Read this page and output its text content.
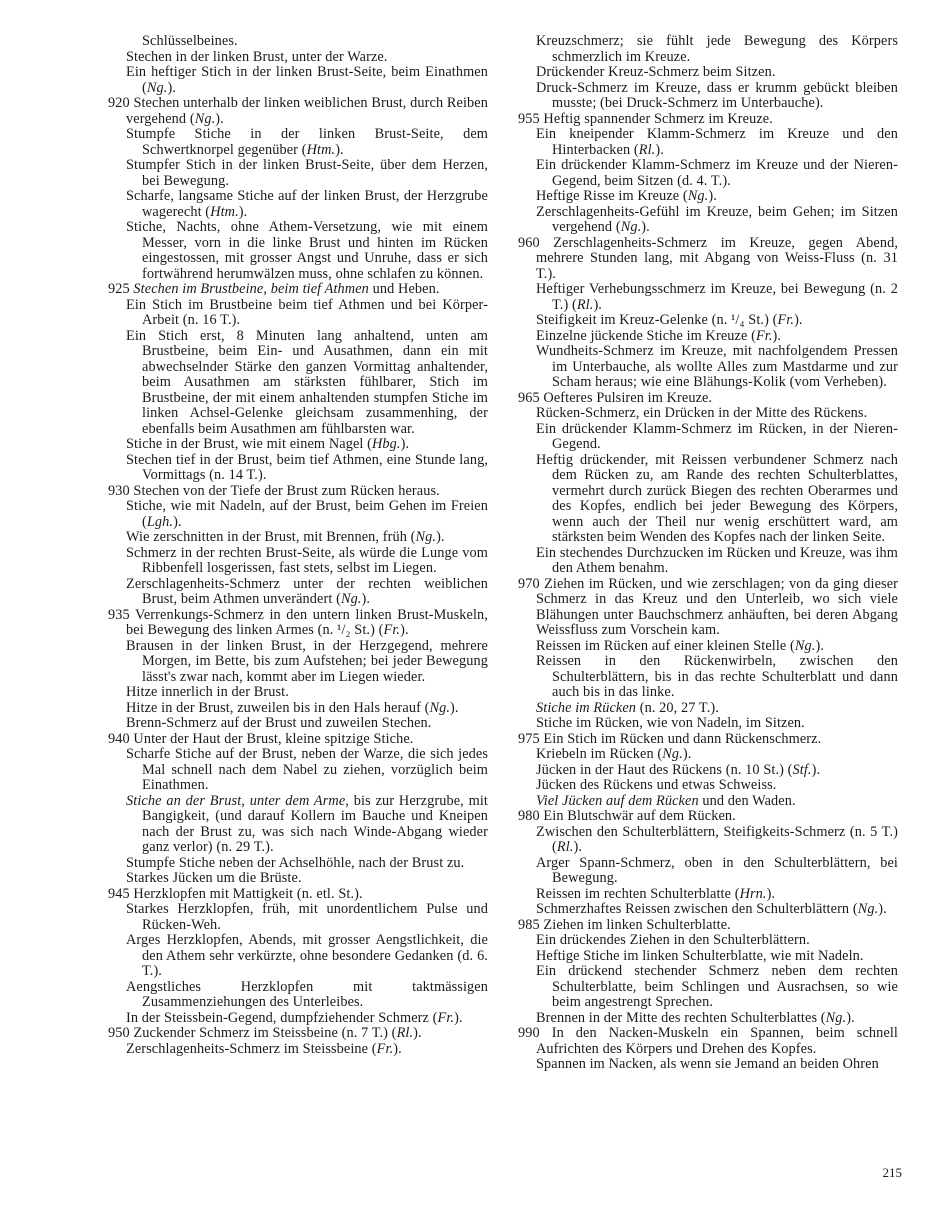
Schlüsselbeines.

Stechen in der linken Brust, unter der Warze.

Ein heftiger Stich in der linken Brust-Seite, beim Einathmen (Ng.).

920 Stechen unterhalb der linken weiblichen Brust, durch Reiben vergehend (Ng.).

Stumpfe Stiche in der linken Brust-Seite, dem Schwertknorpel gegenüber (Htm.).

Stumpfer Stich in der linken Brust-Seite, über dem Herzen, bei Bewegung.

Scharfe, langsame Stiche auf der linken Brust, der Herzgrube wagerecht (Htm.).

Stiche, Nachts, ohne Athem-Versetzung, wie mit einem Messer, vorn in die linke Brust und hinten im Rücken eingestossen, mit grosser Angst und Unruhe, dass er sich fortwährend herumwälzen muss, ohne schlafen zu können.

925 Stechen im Brustbeine, beim tief Athmen und Heben.

Ein Stich im Brustbeine beim tief Athmen und bei Körper-Arbeit (n. 16 T.).

Ein Stich erst, 8 Minuten lang anhaltend, unten am Brustbeine, beim Ein- und Ausathmen, dann ein mit abwechselnder Stärke den ganzen Vormittag anhaltender, beim Ausathmen am stärksten fühlbarer, Stich im Brustbeine, der mit einem anhaltenden stumpfen Stiche im linken Achsel-Gelenke gleichsam zusammenhing, der ebenfalls beim Ausathmen am fühlbarsten war.

Stiche in der Brust, wie mit einem Nagel (Hbg.).

Stechen tief in der Brust, beim tief Athmen, eine Stunde lang, Vormittags (n. 14 T.).

930 Stechen von der Tiefe der Brust zum Rücken heraus.

Stiche, wie mit Nadeln, auf der Brust, beim Gehen im Freien (Lgh.).

Wie zerschnitten in der Brust, mit Brennen, früh (Ng.).

Schmerz in der rechten Brust-Seite, als würde die Lunge vom Ribbenfell losgerissen, fast stets, selbst im Liegen.

Zerschlagenheits-Schmerz unter der rechten weiblichen Brust, beim Athmen unverändert (Ng.).

935 Verrenkungs-Schmerz in den untern linken Brust-Muskeln, bei Bewegung des linken Armes (n. ¹/₂ St.) (Fr.).

Brausen in der linken Brust, in der Herzgegend, mehrere Morgen, im Bette, bis zum Aufstehen; bei jeder Bewegung lässt's zwar nach, kommt aber im Liegen wieder.

Hitze innerlich in der Brust.

Hitze in der Brust, zuweilen bis in den Hals herauf (Ng.).

Brenn-Schmerz auf der Brust und zuweilen Stechen.

940 Unter der Haut der Brust, kleine spitzige Stiche.

Scharfe Stiche auf der Brust, neben der Warze, die sich jedes Mal schnell nach dem Nabel zu ziehen, vorzüglich beim Einathmen.

Stiche an der Brust, unter dem Arme, bis zur Herzgrube, mit Bangigkeit, (und darauf Kollern im Bauche und Kneipen nach der Brust zu, was sich nach Winde-Abgang wieder ganz verlor) (n. 29 T.).

Stumpfe Stiche neben der Achselhöhle, nach der Brust zu.

Starkes Jücken um die Brüste.

945 Herzklopfen mit Mattigkeit (n. etl. St.).

Starkes Herzklopfen, früh, mit unordentlichem Pulse und Rücken-Weh.

Arges Herzklopfen, Abends, mit grosser Aengstlichkeit, die den Athem sehr verkürzte, ohne besondere Gedanken (d. 6. T.).

Aengstliches Herzklopfen mit taktmässigen Zusammenziehungen des Unterleibes.

In der Steissbein-Gegend, dumpfziehender Schmerz (Fr.).

950 Zuckender Schmerz im Steissbeine (n. 7 T.) (Rl.).

Zerschlagenheits-Schmerz im Steissbeine (Fr.).

Kreuzschmerz; sie fühlt jede Bewegung des Körpers schmerzlich im Kreuze.

Drückender Kreuz-Schmerz beim Sitzen.

Druck-Schmerz im Kreuze, dass er krumm gebückt bleiben musste; (bei Druck-Schmerz im Unterbauche).

955 Heftig spannender Schmerz im Kreuze.

Ein kneipender Klamm-Schmerz im Kreuze und den Hinterbacken (Rl.).

Ein drückender Klamm-Schmerz im Kreuze und der Nieren-Gegend, beim Sitzen (d. 4. T.).

Heftige Risse im Kreuze (Ng.).

Zerschlagenheits-Gefühl im Kreuze, beim Gehen; im Sitzen vergehend (Ng.).

960 Zerschlagenheits-Schmerz im Kreuze, gegen Abend, mehrere Stunden lang, mit Abgang von Weiss-Fluss (n. 31 T.).

Heftiger Verhebungsschmerz im Kreuze, bei Bewegung (n. 2 T.) (Rl.).

Steifigkeit im Kreuz-Gelenke (n. ¹/₄ St.) (Fr.).

Einzelne jückende Stiche im Kreuze (Fr.).

Wundheits-Schmerz im Kreuze, mit nachfolgendem Pressen im Unterbauche, als wollte Alles zum Mastdarme und zur Scham heraus; wie eine Blähungs-Kolik (vom Verheben).

965 Oefteres Pulsiren im Kreuze.

Rücken-Schmerz, ein Drücken in der Mitte des Rückens.

Ein drückender Klamm-Schmerz im Rücken, in der Nieren-Gegend.

Heftig drückender, mit Reissen verbundener Schmerz nach dem Rücken zu, am Rande des rechten Schulterblattes, vermehrt durch zurück Biegen des rechten Oberarmes und des Kopfes, endlich bei jeder Bewegung des Körpers, wenn auch der Theil nur wenig erschüttert ward, am stärksten beim Wenden des Kopfes nach der linken Seite.

Ein stechendes Durchzucken im Rücken und Kreuze, was ihm den Athem benahm.

970 Ziehen im Rücken, und wie zerschlagen; von da ging dieser Schmerz in das Kreuz und den Unterleib, wo sich viele Blähungen unter Bauchschmerz anhäuften, bei deren Abgang Weissfluss zum Vorschein kam.

Reissen im Rücken auf einer kleinen Stelle (Ng.).

Reissen in den Rückenwirbeln, zwischen den Schulterblättern, bis in das rechte Schulterblatt und dann auch bis in das linke.

Stiche im Rücken (n. 20, 27 T.).

Stiche im Rücken, wie von Nadeln, im Sitzen.

975 Ein Stich im Rücken und dann Rückenschmerz.

Kriebeln im Rücken (Ng.).

Jücken in der Haut des Rückens (n. 10 St.) (Stf.).

Jücken des Rückens und etwas Schweiss.

Viel Jücken auf dem Rücken und den Waden.

980 Ein Blutschwär auf dem Rücken.

Zwischen den Schulterblättern, Steifigkeits-Schmerz (n. 5 T.) (Rl.).

Arger Spann-Schmerz, oben in den Schulterblättern, bei Bewegung.

Reissen im rechten Schulterblatte (Hrn.).

Schmerzhaftes Reissen zwischen den Schulterblättern (Ng.).

985 Ziehen im linken Schulterblatte.

Ein drückendes Ziehen in den Schulterblättern.

Heftige Stiche im linken Schulterblatte, wie mit Nadeln.

Ein drückend stechender Schmerz neben dem rechten Schulterblatte, beim Schlingen und Ausrachsen, so wie beim angestrengt Sprechen.

Brennen in der Mitte des rechten Schulterblattes (Ng.).

990 In den Nacken-Muskeln ein Spannen, beim schnell Aufrichten des Körpers und Drehen des Kopfes.

Spannen im Nacken, als wenn sie Jemand an beiden Ohren

215
